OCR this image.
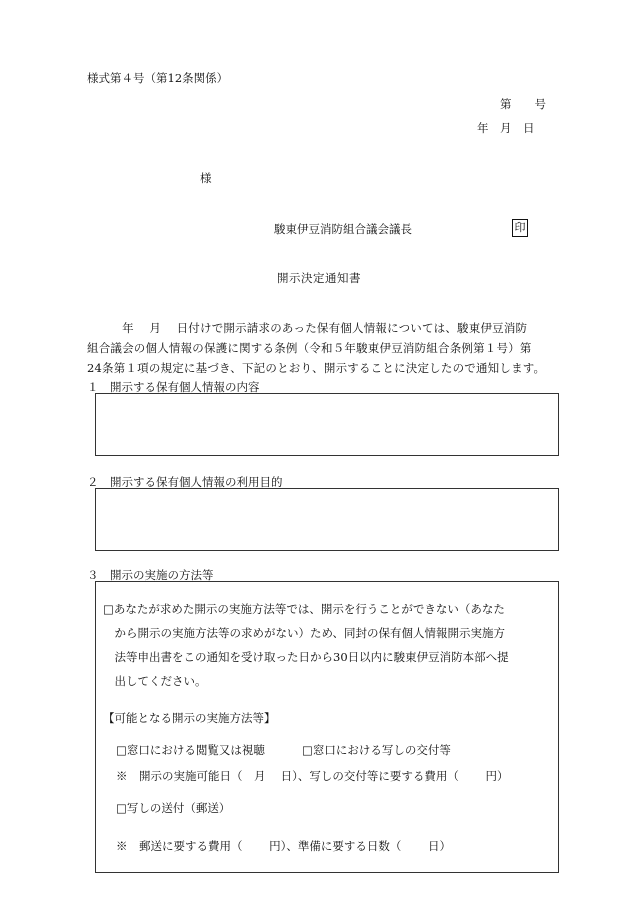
様式第４号（第12条関係）
第　　号
年　月　日
様
駿東伊豆消防組合議会議長	印
開示決定通知書
　　　年　 月 　日付けで開示請求のあった保有個人情報については、駿東伊豆消防
組合議会の個人情報の保護に関する条例（令和５年駿東伊豆消防組合条例第１号）第
24条第１項の規定に基づき、下記のとおり、開示することに決定したので通知します。
１　開示する保有個人情報の内容
２　開示する保有個人情報の利用目的
３　開示の実施の方法等
□あなたが求めた開示の実施方法等では、開示を行うことができない（あなた
　から開示の実施方法等の求めがない）ため、同封の保有個人情報開示実施方
　法等申出書をこの通知を受け取った日から30日以内に駿東伊豆消防本部へ提
　出してください。
【可能となる開示の実施方法等】
□窓口における閲覧又は視聴	□窓口における写しの交付等
※　開示の実施可能日（　月　 日）、写しの交付等に要する費用（　　 円）
□写しの送付（郵送）
※　郵送に要する費用（　　 円）、準備に要する日数（　　 日）
